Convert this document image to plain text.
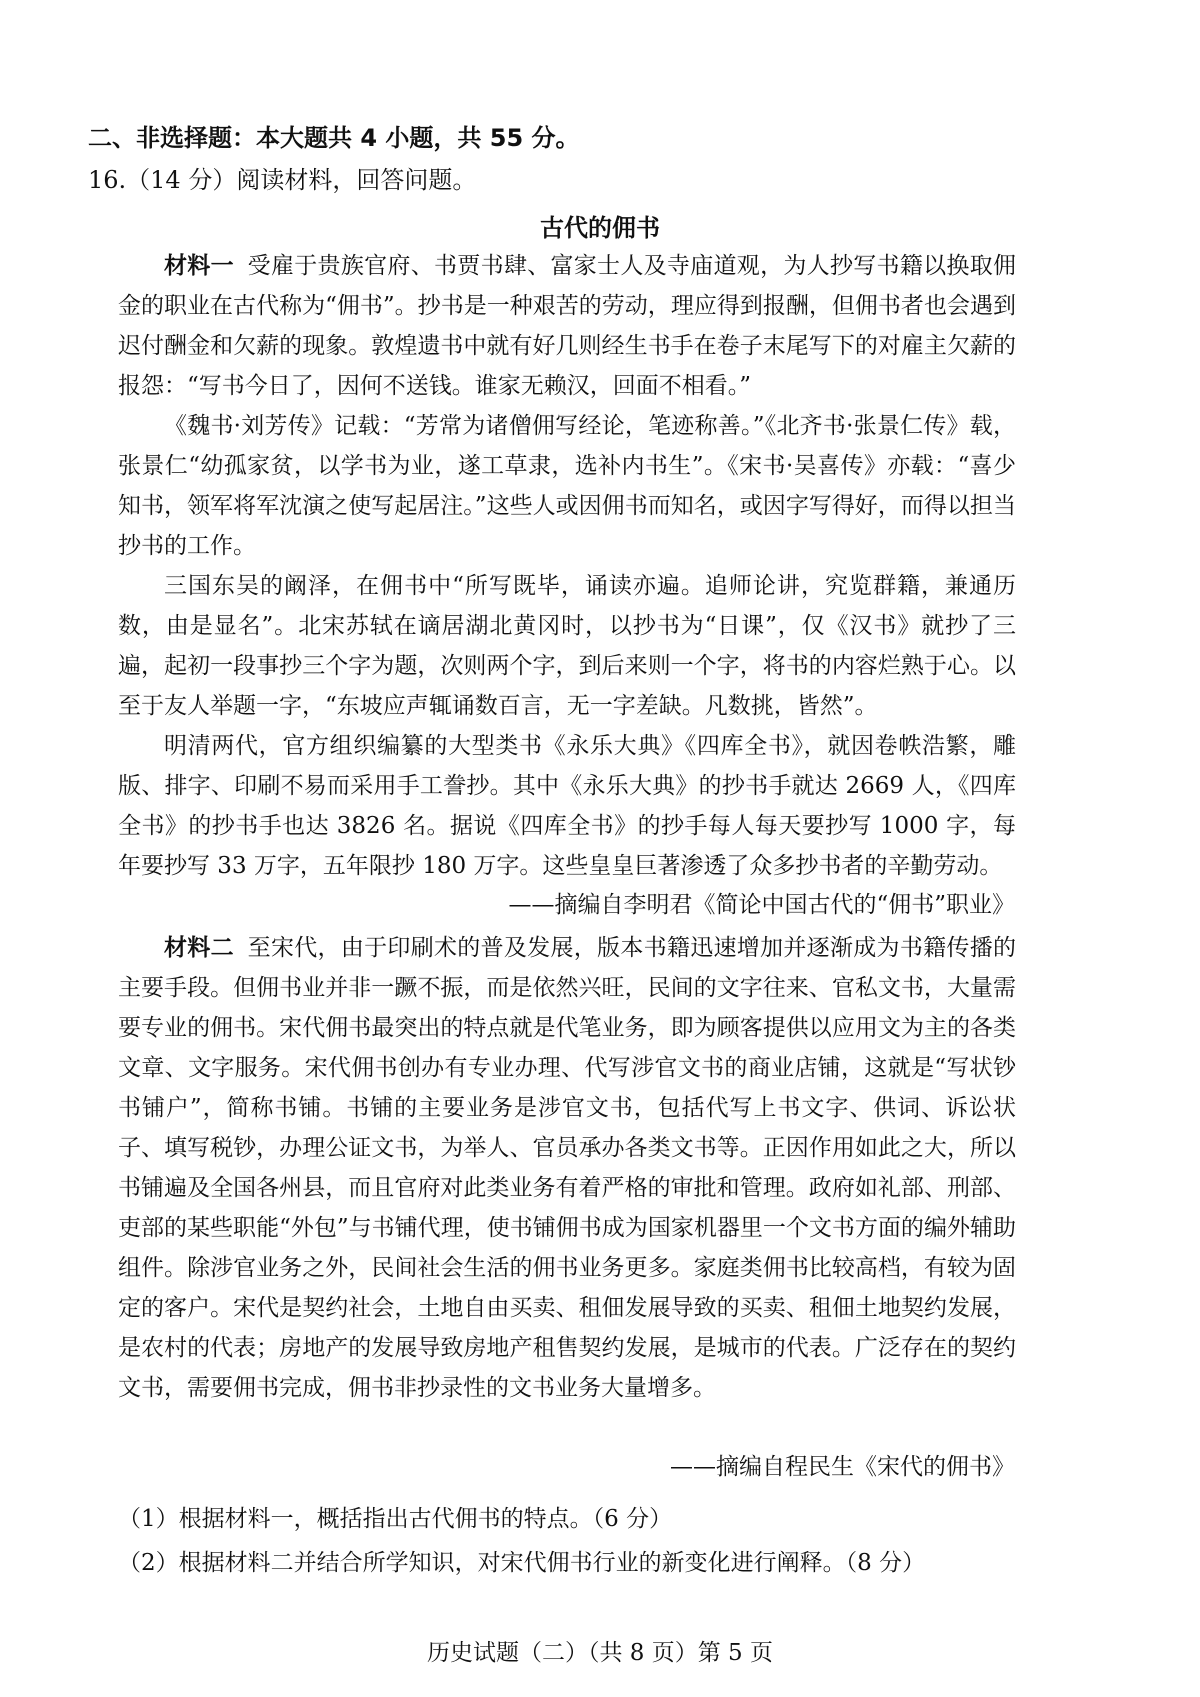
二、非选择题：本大题共 4 小题，共 55 分。
16.（14 分）阅读材料，回答问题。
古代的佣书

材料一 受雇于贵族官府、书贾书肆、富家士人及寺庙道观，为人抄写书籍以换取佣金的职业在古代称为“佣书”。抄书是一种艰苦的劳动，理应得到报酬，但佣书者也会遇到迟付酬金和欠薪的现象。敦煌遗书中就有好几则经生书手在卷子末尾写下的对雇主欠薪的报怨：“写书今日了，因何不送钱。谁家无赖汉，回面不相看。”

《魏书·刘芳传》记载：“芳常为诸僧佣写经论，笔迹称善。”《北齐书·张景仁传》载，张景仁“幼孤家贫，以学书为业，遂工草隶，选补内书生”。《宋书·吴喜传》亦载：“喜少知书，领军将军沈演之使写起居注。”这些人或因佣书而知名，或因字写得好，而得以担当抄书的工作。

三国东吴的阚泽，在佣书中“所写既毕，诵读亦遍。追师论讲，究览群籍，兼通历数，由是显名”。北宋苏轼在谪居湖北黄冈时，以抄书为“日课”，仅《汉书》就抄了三遍，起初一段事抄三个字为题，次则两个字，到后来则一个字，将书的内容烂熟于心。以至于友人举题一字，“东坡应声辄诵数百言，无一字差缺。凡数挑，皆然”。

明清两代，官方组织编纂的大型类书《永乐大典》《四库全书》，就因卷帙浩繁，雕版、排字、印刷不易而采用手工誊抄。其中《永乐大典》的抄书手就达 2669 人，《四库全书》的抄书手也达 3826 名。据说《四库全书》的抄手每人每天要抄写 1000 字，每年要抄写 33 万字，五年限抄 180 万字。这些皇皇巨著渗透了众多抄书者的辛勤劳动。

——摘编自李明君《简论中国古代的“佣书”职业》

材料二 至宋代，由于印刷术的普及发展，版本书籍迅速增加并逐渐成为书籍传播的主要手段。但佣书业并非一蹶不振，而是依然兴旺，民间的文字往来、官私文书，大量需要专业的佣书。宋代佣书最突出的特点就是代笔业务，即为顾客提供以应用文为主的各类文章、文字服务。宋代佣书创办有专业办理、代写涉官文书的商业店铺，这就是“写状钞书铺户”，简称书铺。书铺的主要业务是涉官文书，包括代写上书文字、供词、诉讼状子、填写税钞，办理公证文书，为举人、官员承办各类文书等。正因作用如此之大，所以书铺遍及全国各州县，而且官府对此类业务有着严格的审批和管理。政府如礼部、刑部、吏部的某些职能“外包”与书铺代理，使书铺佣书成为国家机器里一个文书方面的编外辅助组件。除涉官业务之外，民间社会生活的佣书业务更多。家庭类佣书比较高档，有较为固定的客户。宋代是契约社会，土地自由买卖、租佃发展导致的买卖、租佃土地契约发展，是农村的代表；房地产的发展导致房地产租售契约发展，是城市的代表。广泛存在的契约文书，需要佣书完成，佣书非抄录性的文书业务大量增多。

——摘编自程民生《宋代的佣书》
（1）根据材料一，概括指出古代佣书的特点。（6 分）
（2）根据材料二并结合所学知识，对宋代佣书行业的新变化进行阐释。（8 分）
历史试题（二）（共 8 页）第 5 页
